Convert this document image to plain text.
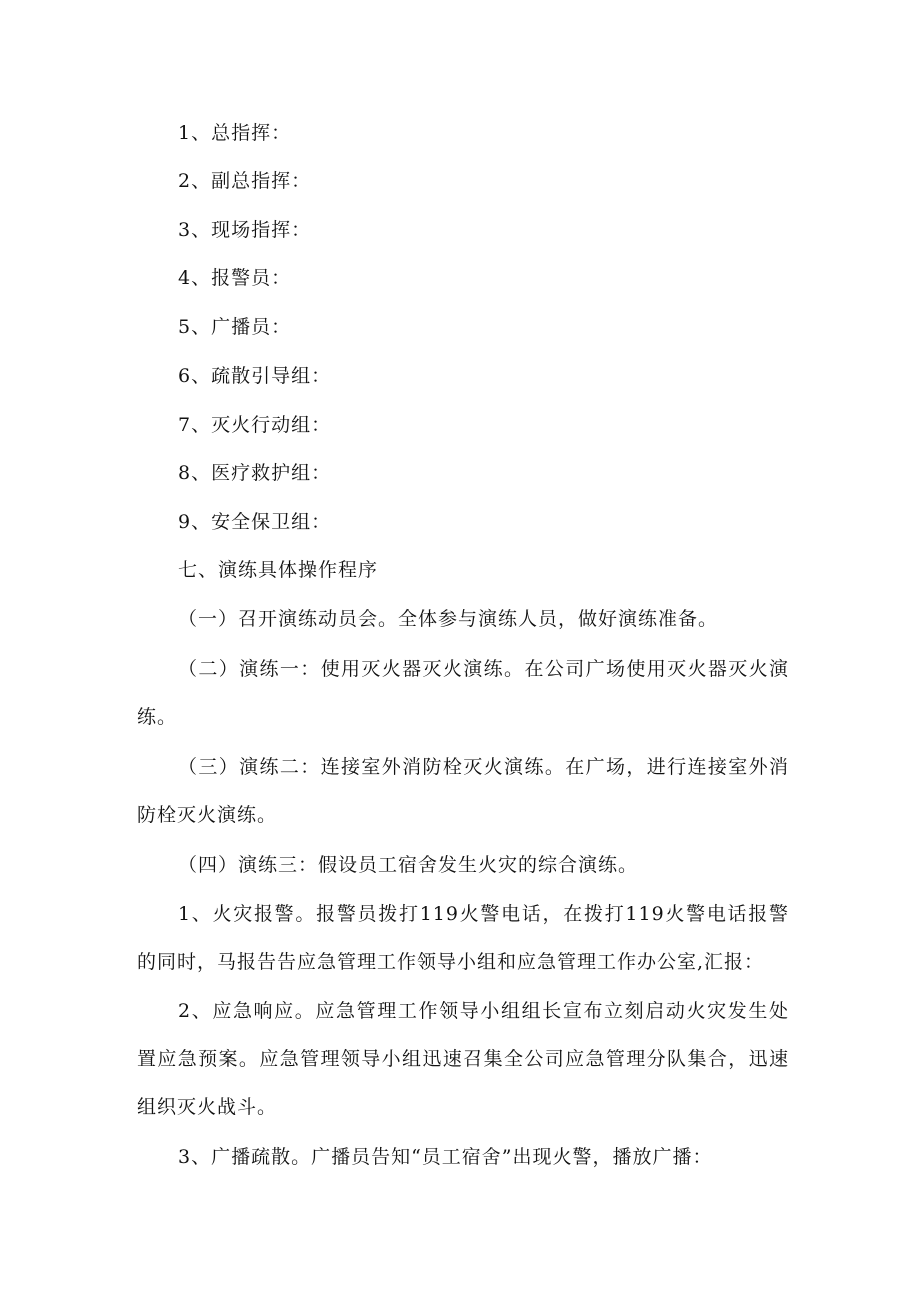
1、总指挥：
2、副总指挥：
3、现场指挥：
4、报警员：
5、广播员：
6、疏散引导组：
7、灭火行动组：
8、医疗救护组：
9、安全保卫组：
七、演练具体操作程序
（一）召开演练动员会。全体参与演练人员，做好演练准备。
（二）演练一：使用灭火器灭火演练。在公司广场使用灭火器灭火演练。
（三）演练二：连接室外消防栓灭火演练。在广场，进行连接室外消防栓灭火演练。
（四）演练三：假设员工宿舍发生火灾的综合演练。
1、火灾报警。报警员拨打119火警电话，在拨打119火警电话报警的同时，马报告告应急管理工作领导小组和应急管理工作办公室,汇报：
2、应急响应。应急管理工作领导小组组长宣布立刻启动火灾发生处置应急预案。应急管理领导小组迅速召集全公司应急管理分队集合，迅速组织灭火战斗。
3、广播疏散。广播员告知“员工宿舍”出现火警，播放广播：
